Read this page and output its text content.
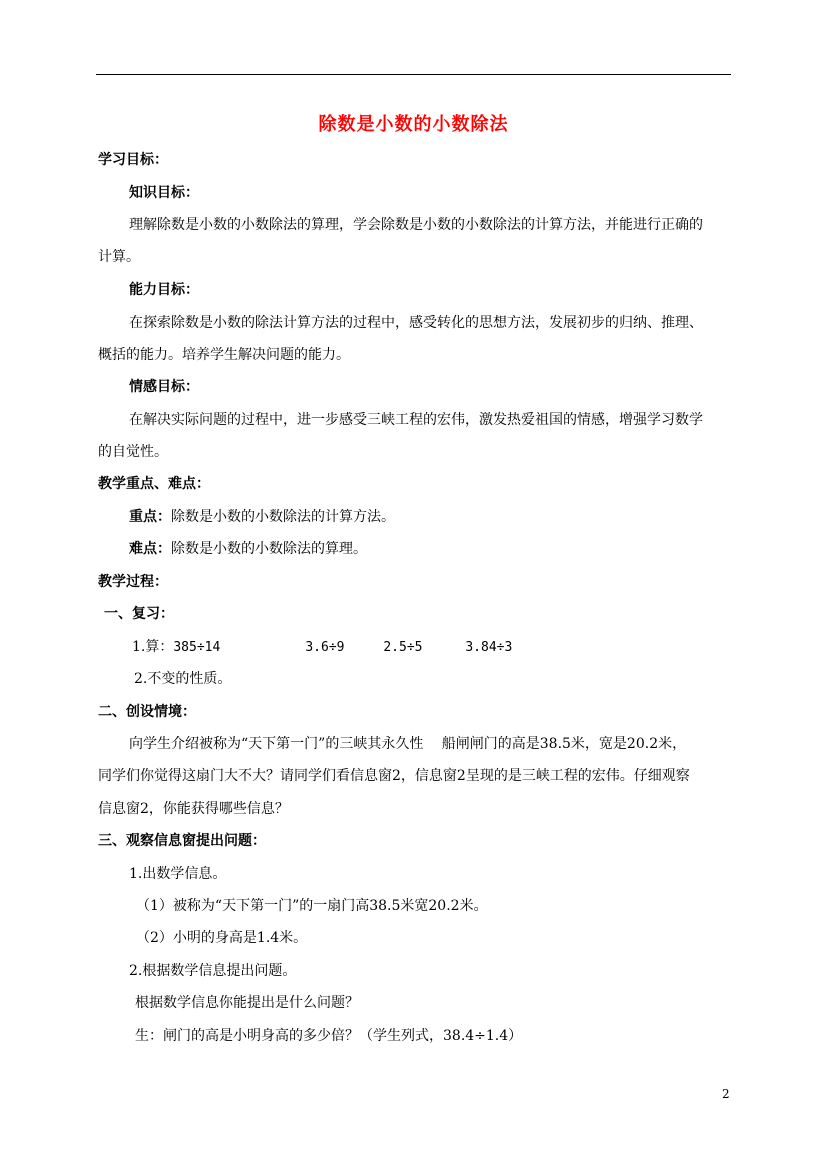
除数是小数的小数除法
学习目标：
知识目标：
理解除数是小数的小数除法的算理，学会除数是小数的小数除法的计算方法，并能进行正确的
计算。
能力目标：
在探索除数是小数的除法计算方法的过程中，感受转化的思想方法，发展初步的归纳、推理、
概括的能力。培养学生解决问题的能力。
情感目标：
在解决实际问题的过程中，进一步感受三峡工程的宏伟，激发热爱祖国的情感，增强学习数学
的自觉性。
教学重点、难点：
重点：除数是小数的小数除法的计算方法。
难点：除数是小数的小数除法的算理。
教学过程：
一、复习：
1.算：385÷14	3.6÷9	2.5÷5	3.84÷3
2.不变的性质。
二、创设情境：
向学生介绍被称为“天下第一门”的三峡其永久性　 船闸闸门的高是38.5米，宽是20.2米，
同学们你觉得这扇门大不大？请同学们看信息窗2，信息窗2呈现的是三峡工程的宏伟。仔细观察
信息窗2，你能获得哪些信息？
三、观察信息窗提出问题：
1.出数学信息。
（1）被称为“天下第一门”的一扇门高38.5米宽20.2米。
（2）小明的身高是1.4米。
2.根据数学信息提出问题。
根据数学信息你能提出是什么问题？
生：闸门的高是小明身高的多少倍？（学生列式，38.4÷1.4）
2
